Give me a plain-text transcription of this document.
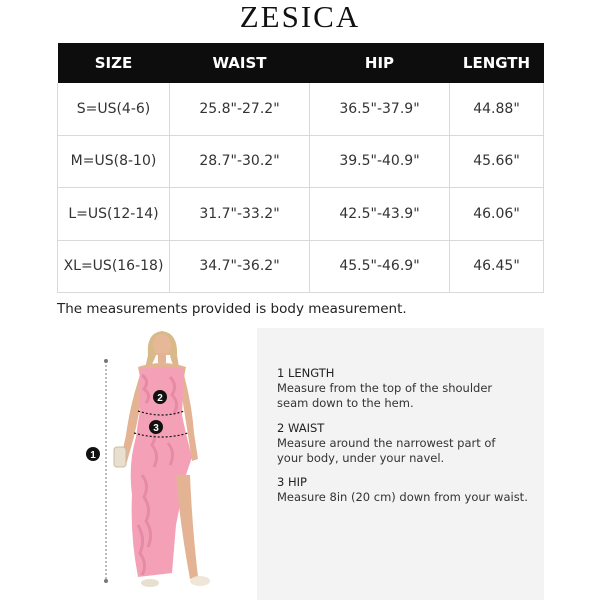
ZESICA
SIZE	WAIST	HIP	LENGTH
S=US(4-6)	25.8"-27.2"	36.5"-37.9"	44.88"
M=US(8-10)	28.7"-30.2"	39.5"-40.9"	45.66"
L=US(12-14)	31.7"-33.2"	42.5"-43.9"	46.06"
XL=US(16-18)	34.7"-36.2"	45.5"-46.9"	46.45"
The measurements provided is body measurement.
1
2
3
1 LENGTH
Measure from the top of the shoulder
seam down to the hem.
2 WAIST
Measure around the narrowest part of
your body, under your navel.
3 HIP
Measure 8in (20 cm) down from your waist.
